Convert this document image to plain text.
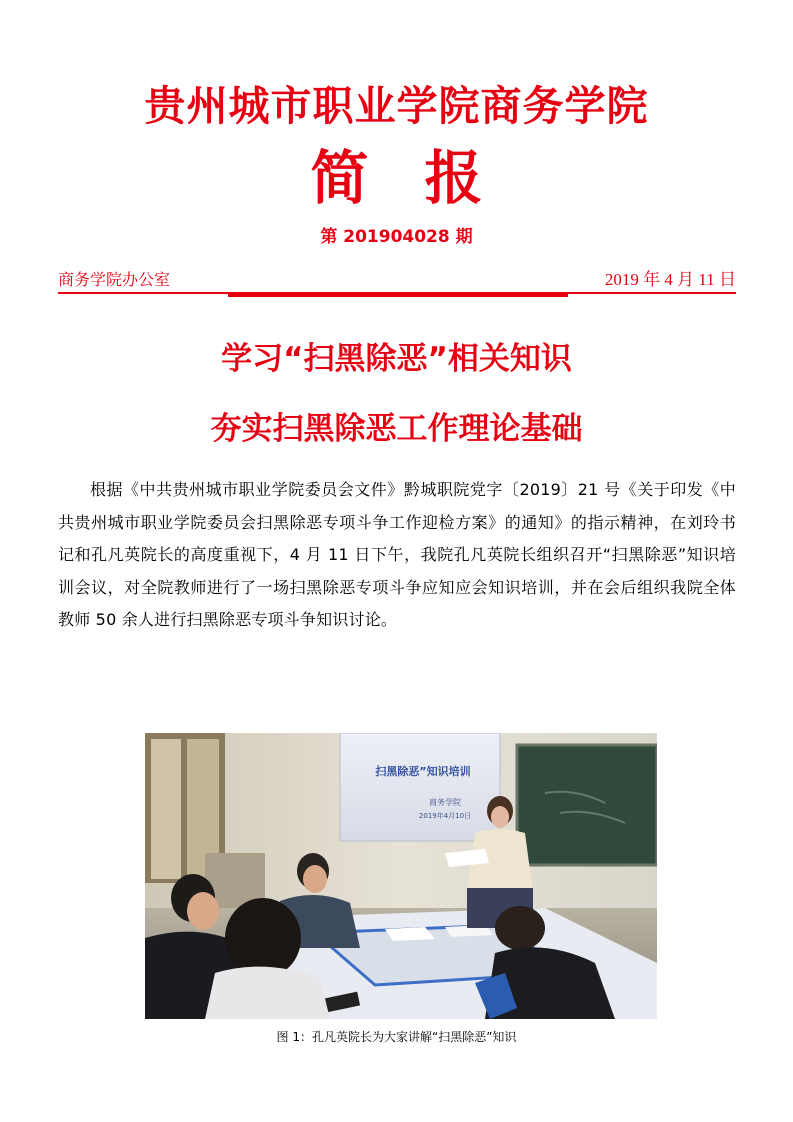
贵州城市职业学院商务学院
简 报
第 201904028 期
商务学院办公室	2019 年 4 月 11 日
学习“扫黑除恶”相关知识
夯实扫黑除恶工作理论基础
根据《中共贵州城市职业学院委员会文件》黔城职院党字〔2019〕21 号《关于印发《中共贵州城市职业学院委员会扫黑除恶专项斗争工作迎检方案》的通知》的指示精神，在刘玲书记和孔凡英院长的高度重视下，4 月 11 日下午，我院孔凡英院长组织召开“扫黑除恶”知识培训会议，对全院教师进行了一场扫黑除恶专项斗争应知应会知识培训，并在会后组织我院全体教师 50 余人进行扫黑除恶专项斗争知识讨论。
扫黑除恶”知识培训
商务学院
2019年4月10日
图 1：孔凡英院长为大家讲解“扫黑除恶”知识
